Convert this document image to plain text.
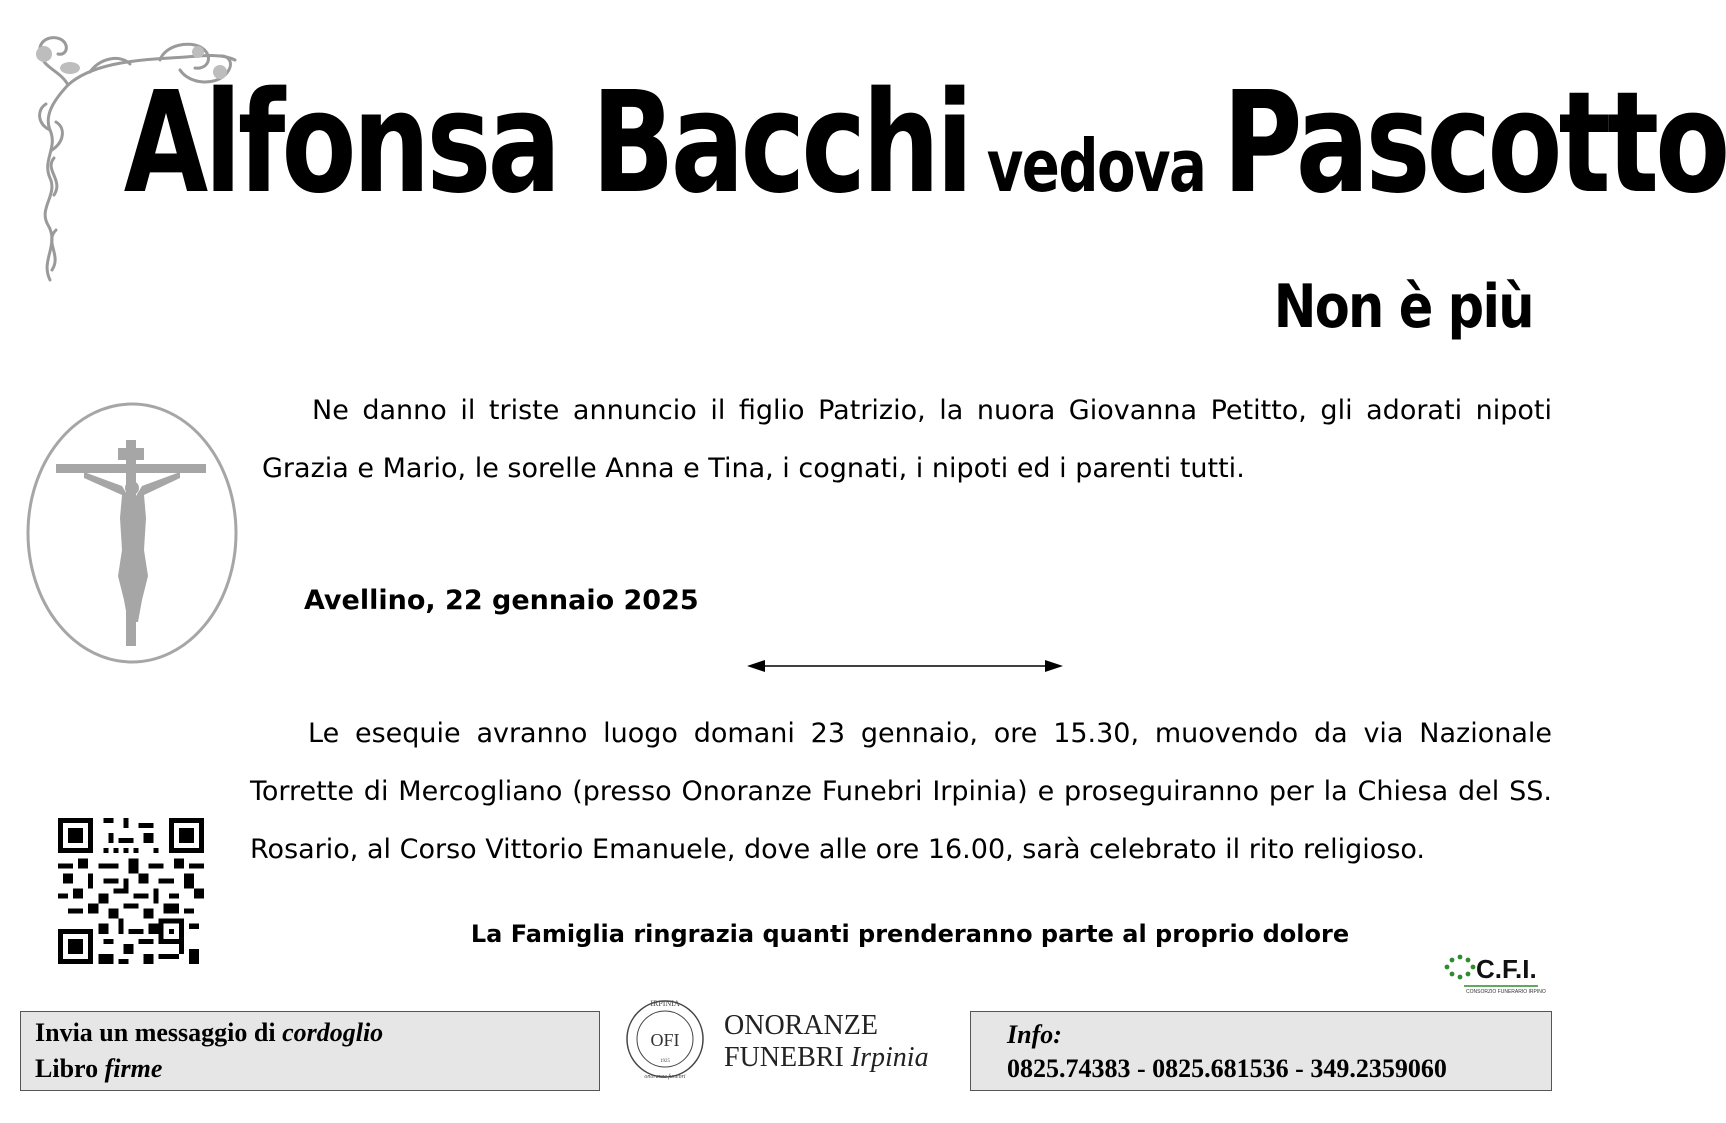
Alfonsa Bacchi vedova Pascotto
Non è più
Ne danno il triste annuncio il figlio Patrizio, la nuora Giovanna Petitto, gli adorati nipoti Grazia e Mario, le sorelle Anna e Tina, i cognati, i nipoti ed i parenti tutti.
Avellino, 22 gennaio 2025
Le esequie avranno luogo domani 23 gennaio, ore 15.30, muovendo da via Nazionale Torrette di Mercogliano (presso Onoranze Funebri Irpinia) e proseguiranno per la Chiesa del SS. Rosario, al Corso Vittorio Emanuele, dove alle ore 16.00, sarà celebrato il rito religioso.
La Famiglia ringrazia quanti prenderanno parte al proprio dolore
C.F.I.
CONSORZIO FUNERARIO IRPINO
Invia un messaggio di cordoglio
Libro firme
IRPINIA
OFI
1925
onoranze funebri
ONORANZE
FUNEBRI Irpinia
Info:
0825.74383 - 0825.681536 - 349.2359060
